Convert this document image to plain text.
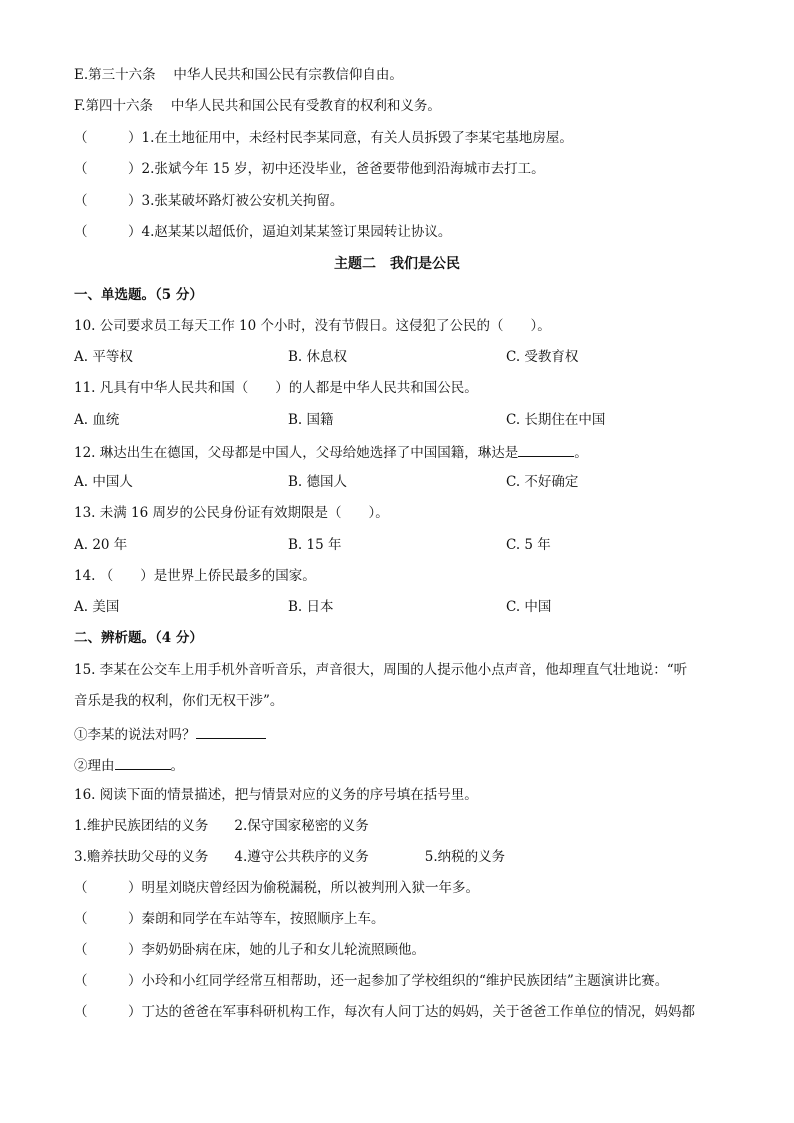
E.第三十六条　 中华人民共和国公民有宗教信仰自由。
F.第四十六条　 中华人民共和国公民有受教育的权利和义务。
（　　　）1.在土地征用中，未经村民李某同意，有关人员拆毁了李某宅基地房屋。
（　　　）2.张斌今年 15 岁，初中还没毕业，爸爸要带他到沿海城市去打工。
（　　　）3.张某破坏路灯被公安机关拘留。
（　　　）4.赵某某以超低价，逼迫刘某某签订果园转让协议。
主题二　我们是公民
一、单选题。（5 分）
10. 公司要求员工每天工作 10 个小时，没有节假日。这侵犯了公民的（　　）。
A. 平等权	B. 休息权	C. 受教育权
11. 凡具有中华人民共和国（　　）的人都是中华人民共和国公民。
A. 血统	B. 国籍	C. 长期住在中国
12. 琳达出生在德国，父母都是中国人，父母给她选择了中国国籍，琳达是	。
A. 中国人	B. 德国人	C. 不好确定
13. 未满 16 周岁的公民身份证有效期限是（　　）。
A. 20 年	B. 15 年	C. 5 年
14. （　　）是世界上侨民最多的国家。
A. 美国	B. 日本	C. 中国
二、辨析题。（4 分）
15. 李某在公交车上用手机外音听音乐，声音很大，周围的人提示他小点声音，他却理直气壮地说：“听
音乐是我的权利，你们无权干涉”。
①李某的说法对吗？
②理由	。
16. 阅读下面的情景描述，把与情景对应的义务的序号填在括号里。
1.维护民族团结的义务 2.保守国家秘密的义务
3.赡养扶助父母的义务 4.遵守公共秩序的义务	5.纳税的义务
（　　　）明星刘晓庆曾经因为偷税漏税，所以被判刑入狱一年多。
（　　　）秦朗和同学在车站等车，按照顺序上车。
（　　　）李奶奶卧病在床，她的儿子和女儿轮流照顾他。
（　　　）小玲和小红同学经常互相帮助，还一起参加了学校组织的“维护民族团结”主题演讲比赛。
（　　　）丁达的爸爸在军事科研机构工作，每次有人问丁达的妈妈，关于爸爸工作单位的情况，妈妈都
